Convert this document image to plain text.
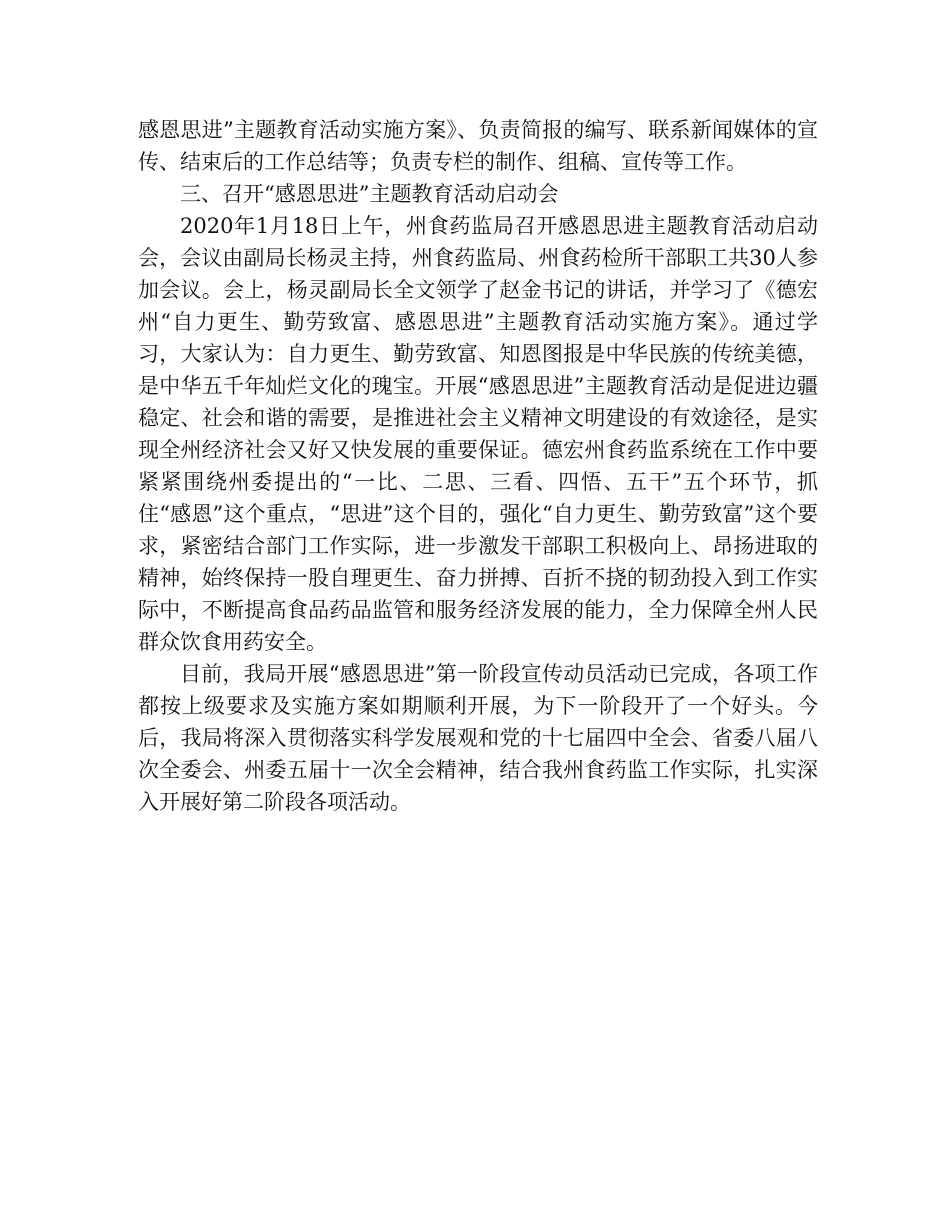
感恩思进”主题教育活动实施方案》、负责简报的编写、联系新闻媒体的宣传、结束后的工作总结等；负责专栏的制作、组稿、宣传等工作。

三、召开“感恩思进”主题教育活动启动会

2020年1月18日上午，州食药监局召开感恩思进主题教育活动启动会，会议由副局长杨灵主持，州食药监局、州食药检所干部职工共30人参加会议。会上，杨灵副局长全文领学了赵金书记的讲话，并学习了《德宏州“自力更生、勤劳致富、感恩思进”主题教育活动实施方案》。通过学习，大家认为：自力更生、勤劳致富、知恩图报是中华民族的传统美德，是中华五千年灿烂文化的瑰宝。开展“感恩思进”主题教育活动是促进边疆稳定、社会和谐的需要，是推进社会主义精神文明建设的有效途径，是实现全州经济社会又好又快发展的重要保证。德宏州食药监系统在工作中要紧紧围绕州委提出的“一比、二思、三看、四悟、五干”五个环节，抓住“感恩”这个重点，“思进”这个目的，强化“自力更生、勤劳致富”这个要求，紧密结合部门工作实际，进一步激发干部职工积极向上、昂扬进取的精神，始终保持一股自理更生、奋力拼搏、百折不挠的韧劲投入到工作实际中，不断提高食品药品监管和服务经济发展的能力，全力保障全州人民群众饮食用药安全。

目前，我局开展“感恩思进”第一阶段宣传动员活动已完成，各项工作都按上级要求及实施方案如期顺利开展，为下一阶段开了一个好头。今后，我局将深入贯彻落实科学发展观和党的十七届四中全会、省委八届八次全委会、州委五届十一次全会精神，结合我州食药监工作实际，扎实深入开展好第二阶段各项活动。
